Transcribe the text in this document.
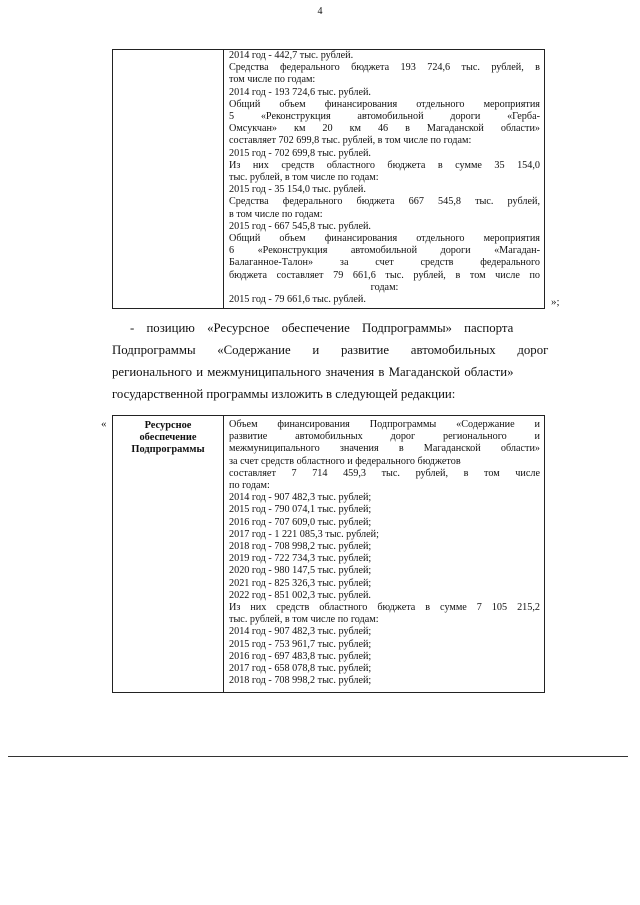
4
2014 год - 442,7 тыс. рублей.
Средства федерального бюджета 193 724,6 тыс. рублей, в
том числе по годам:
2014 год - 193 724,6 тыс. рублей.
Общий объем финансирования отдельного мероприятия
5 «Реконструкция автомобильной дороги «Герба-
Омсукчан» км 20 км 46 в Магаданской области»
составляет 702 699,8 тыс. рублей, в том числе по годам:
2015 год - 702 699,8 тыс. рублей.
Из них средств областного бюджета в сумме 35 154,0
тыс. рублей, в том числе по годам:
2015 год - 35 154,0 тыс. рублей.
Средства федерального бюджета 667 545,8 тыс. рублей,
в том числе по годам:
2015 год - 667 545,8 тыс. рублей.
Общий объем финансирования отдельного мероприятия
6 «Реконструкция автомобильной дороги «Магадан-
Балаганное-Талон» за счет средств федерального
бюджета составляет 79 661,6 тыс. рублей, в том числе по
годам:
2015 год - 79 661,6 тыс. рублей.	»;
- позицию «Ресурсное обеспечение Подпрограммы» паспорта
Подпрограммы «Содержание и развитие автомобильных дорог
регионального и межмуниципального значения в Магаданской области»
государственной программы изложить в следующей редакции:
«	Ресурсное
обеспечение
Подпрограммы
Объем финансирования Подпрограммы «Содержание и
развитие автомобильных дорог регионального и
межмуниципального значения в Магаданской области»
за счет средств областного и федерального бюджетов
составляет 7 714 459,3 тыс. рублей, в том числе
по годам:
2014 год - 907 482,3 тыс. рублей;
2015 год - 790 074,1 тыс. рублей;
2016 год - 707 609,0 тыс. рублей;
2017 год - 1 221 085,3 тыс. рублей;
2018 год - 708 998,2 тыс. рублей;
2019 год - 722 734,3 тыс. рублей;
2020 год - 980 147,5 тыс. рублей;
2021 год - 825 326,3 тыс. рублей;
2022 год - 851 002,3 тыс. рублей.
Из них средств областного бюджета в сумме 7 105 215,2
тыс. рублей, в том числе по годам:
2014 год - 907 482,3 тыс. рублей;
2015 год - 753 961,7 тыс. рублей;
2016 год - 697 483,8 тыс. рублей;
2017 год - 658 078,8 тыс. рублей;
2018 год - 708 998,2 тыс. рублей;
